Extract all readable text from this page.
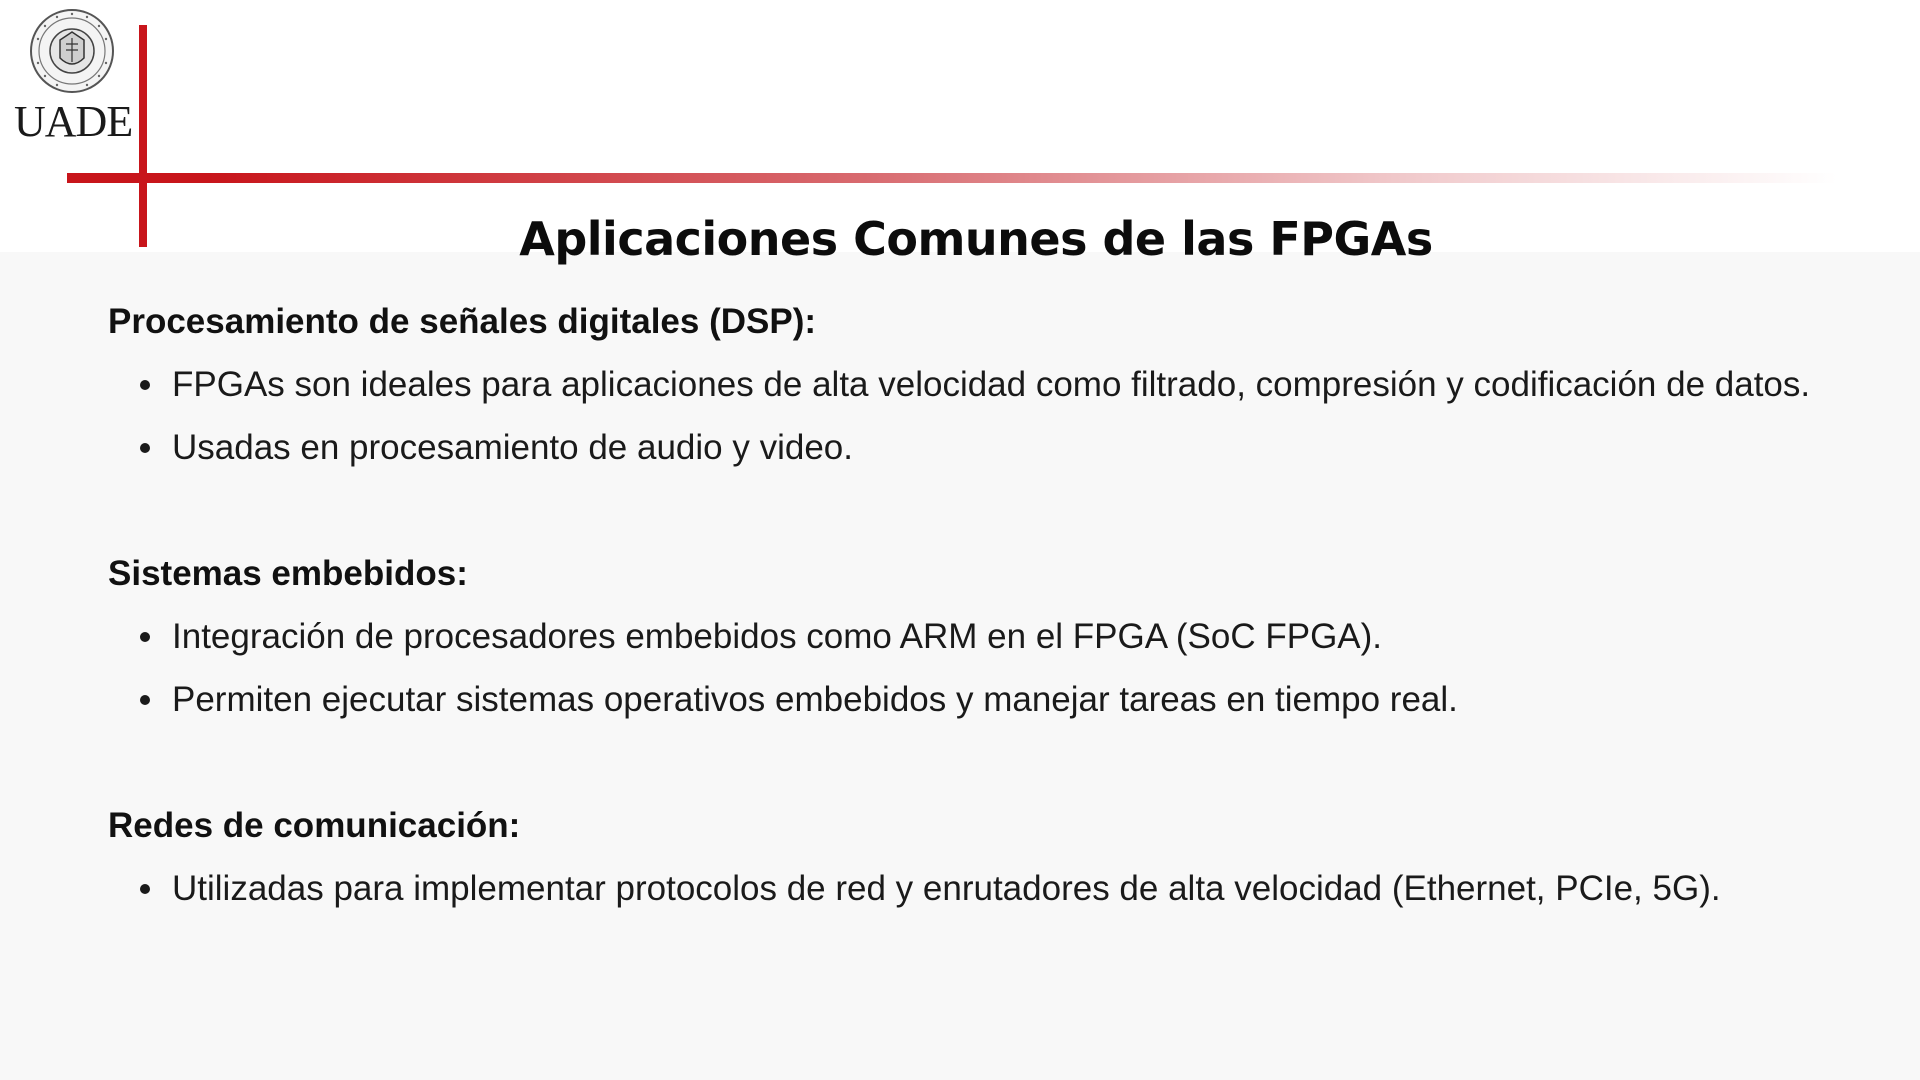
UADE
Aplicaciones Comunes de las FPGAs

Procesamiento de señales digitales (DSP):

FPGAs son ideales para aplicaciones de alta velocidad como filtrado, compresión y codificación de datos.
Usadas en procesamiento de audio y video.

Sistemas embebidos:

Integración de procesadores embebidos como ARM en el FPGA (SoC FPGA).
Permiten ejecutar sistemas operativos embebidos y manejar tareas en tiempo real.

Redes de comunicación:

Utilizadas para implementar protocolos de red y enrutadores de alta velocidad (Ethernet, PCIe, 5G).
